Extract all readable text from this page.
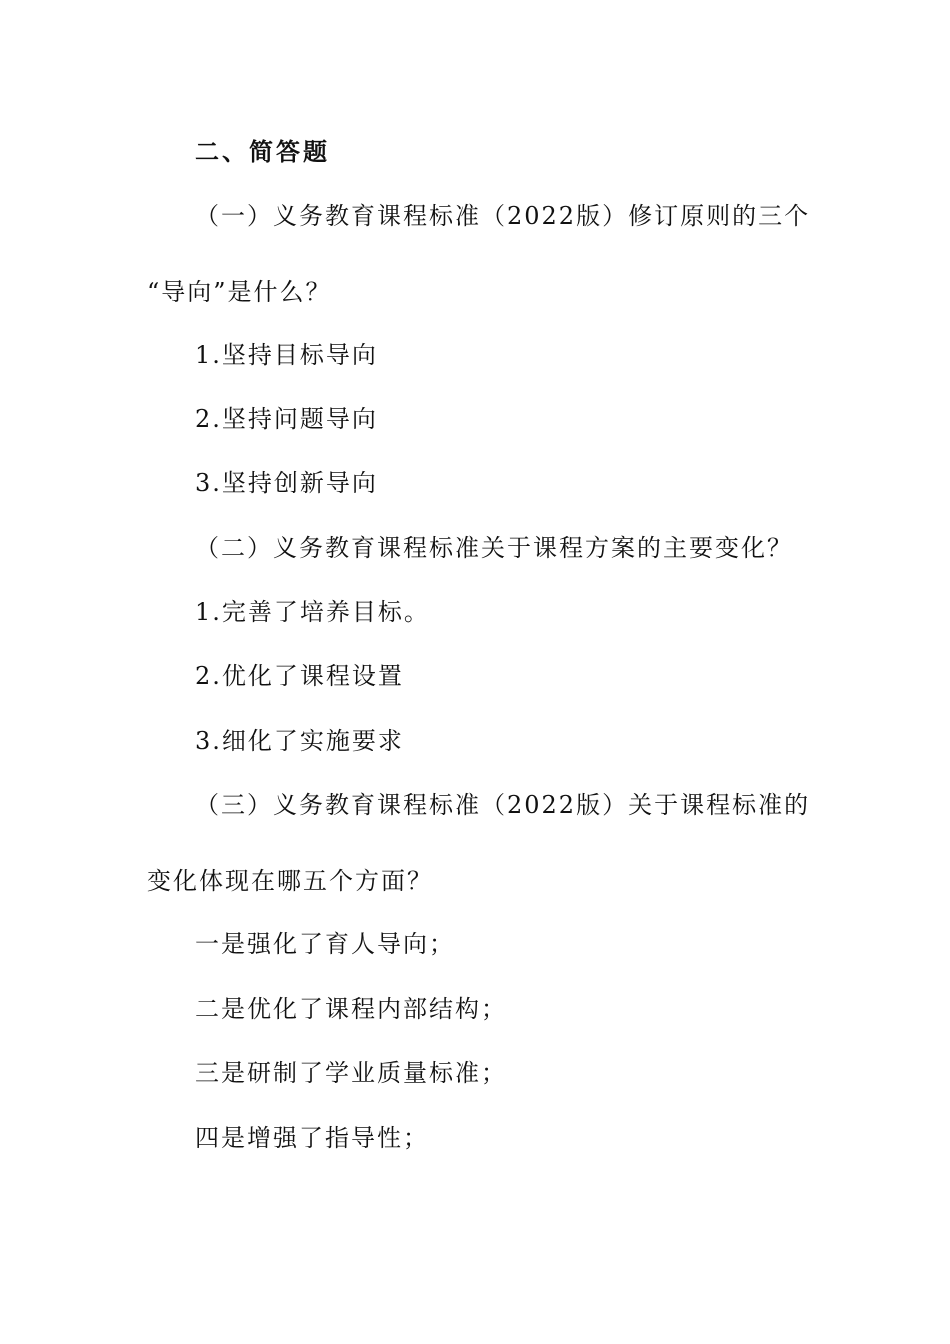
二、简答题
（一）义务教育课程标准（2022版）修订原则的三个
“导向”是什么？
1.坚持目标导向
2.坚持问题导向
3.坚持创新导向
（二）义务教育课程标准关于课程方案的主要变化？
1.完善了培养目标。
2.优化了课程设置
3.细化了实施要求
（三）义务教育课程标准（2022版）关于课程标准的
变化体现在哪五个方面？
一是强化了育人导向；
二是优化了课程内部结构；
三是研制了学业质量标准；
四是增强了指导性；
